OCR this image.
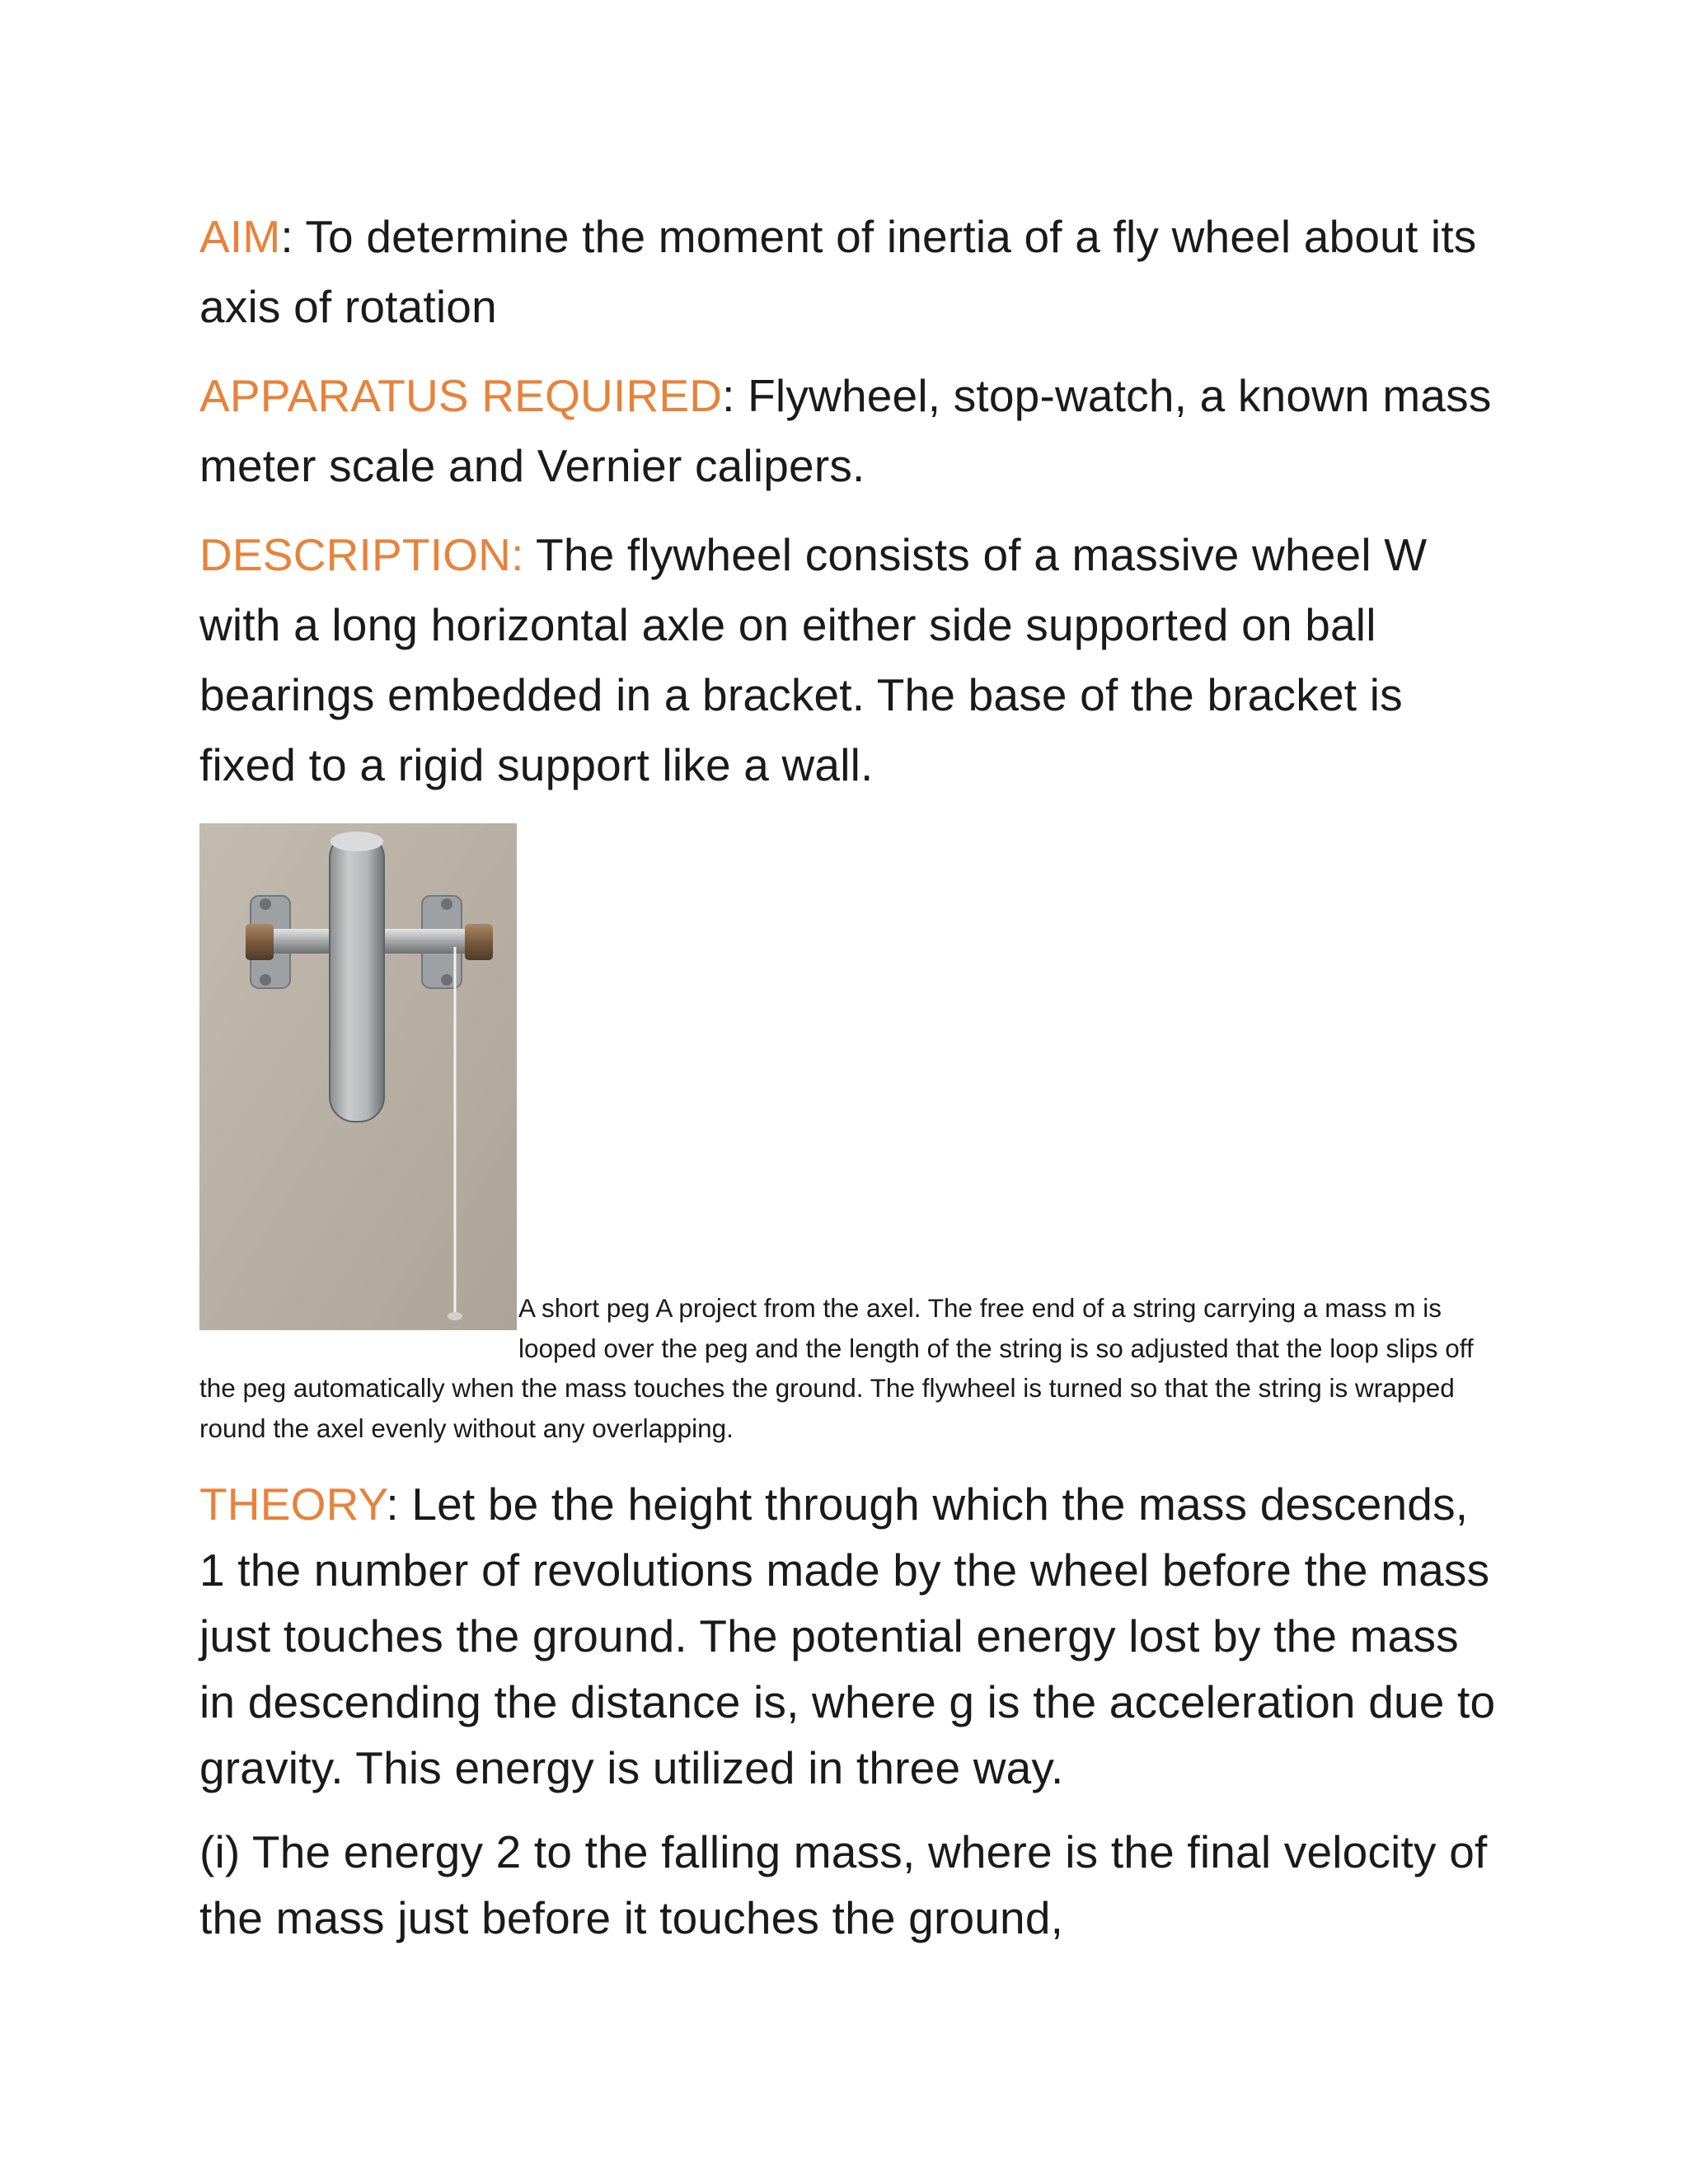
AIM: To determine the moment of inertia of a fly wheel about its axis of rotation

APPARATUS REQUIRED: Flywheel, stop-watch, a known mass meter scale and Vernier calipers.

DESCRIPTION: The flywheel consists of a massive wheel W with a long horizontal axle on either side supported on ball bearings embedded in a bracket. The base of the bracket is fixed to a rigid support like a wall.

A short peg A project from the axel. The free end of a string carrying a mass m is looped over the peg and the length of the string is so adjusted that the loop slips off the peg automatically when the mass touches the ground. The flywheel is turned so that the string is wrapped round the axel evenly without any overlapping.

THEORY: Let be the height through which the mass descends, 1 the number of revolutions made by the wheel before the mass just touches the ground. The potential energy lost by the mass in descending the distance is, where g is the acceleration due to gravity. This energy is utilized in three way.

(i) The energy 2 to the falling mass, where is the final velocity of the mass just before it touches the ground,
